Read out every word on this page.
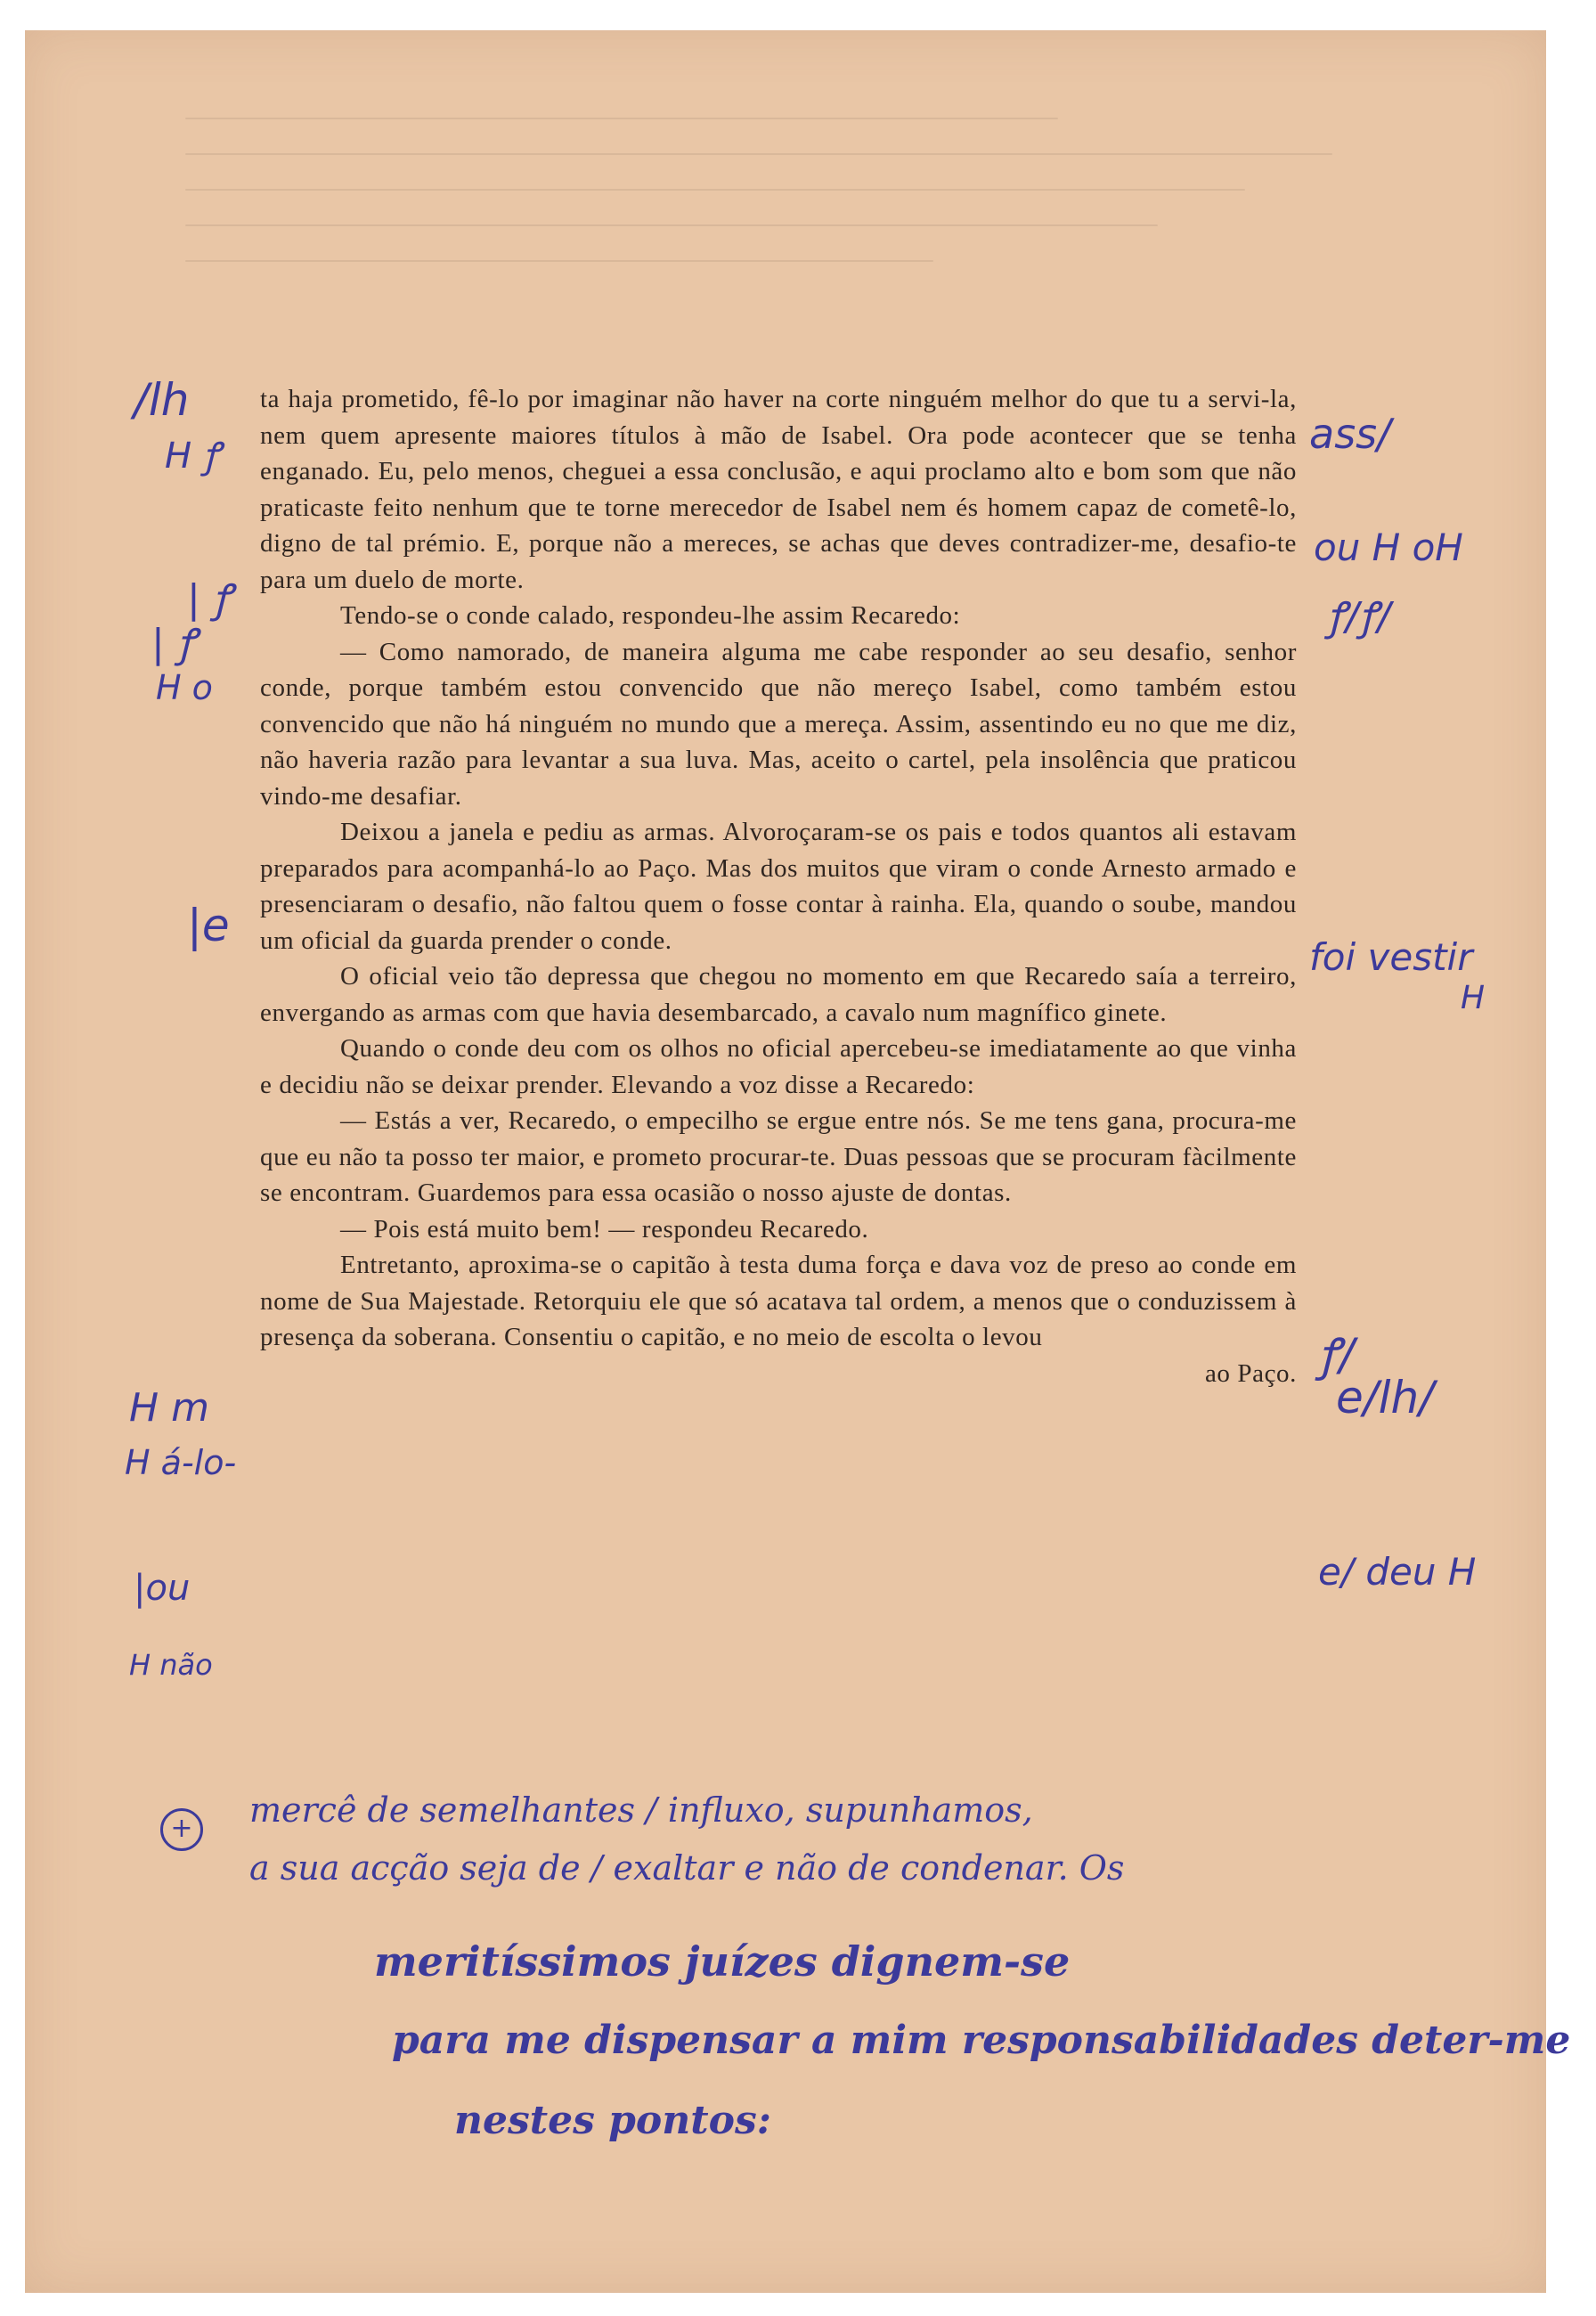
ta haja prometido, fê-lo por imaginar não haver na corte ninguém melhor do que tu a servi-la, nem quem apresente maiores títulos à mão de Isabel. Ora pode acontecer que se tenha enganado. Eu, pelo menos, cheguei a essa conclusão, e aqui proclamo alto e bom som que não praticaste feito nenhum que te torne merecedor de Isabel nem és homem capaz de cometê-lo, digno de tal prémio. E, porque não a mereces, se achas que deves contradizer-me, desafio-te para um duelo de morte.

Tendo-se o conde calado, respondeu-lhe assim Recaredo:

— Como namorado, de maneira alguma me cabe responder ao seu desafio, senhor conde, porque também estou convencido que não mereço Isabel, como também estou convencido que não há ninguém no mundo que a mereça. Assim, assentindo eu no que me diz, não haveria razão para levantar a sua luva. Mas, aceito o cartel, pela insolência que praticou vindo-me desafiar.

Deixou a janela e pediu as armas. Alvoroçaram-se os pais e todos quantos ali estavam preparados para acompanhá-lo ao Paço. Mas dos muitos que viram o conde Arnesto armado e presenciaram o desafio, não faltou quem o fosse contar à rainha. Ela, quando o soube, mandou um oficial da guarda prender o conde.

O oficial veio tão depressa que chegou no momento em que Recaredo saía a terreiro, envergando as armas com que havia desembarcado, a cavalo num magnífico ginete.

Quando o conde deu com os olhos no oficial apercebeu-se imediatamente ao que vinha e decidiu não se deixar prender. Elevando a voz disse a Recaredo:

— Estás a ver, Recaredo, o empecilho se ergue entre nós. Se me tens gana, procura-me que eu não ta posso ter maior, e prometo procurar-te. Duas pessoas que se procuram fàcilmente se encontram. Guardemos para essa ocasião o nosso ajuste de dontas.

— Pois está muito bem! — respondeu Recaredo.

Entretanto, aproxima-se o capitão à testa duma força e dava voz de preso ao conde em nome de Sua Majestade. Retorquiu ele que só acatava tal ordem, a menos que o conduzissem à presença da soberana. Consentiu o capitão, e no meio de escolta o levou

ao Paço.

/lh
H ꝭ
| ꝭ
| ꝭ
H o
|e
H m
H á-lo-
|ou
H não
ass/
ou H oH
ꝭ/ꝭ/
foi vestir
H
ꝭ/
e/lh/
e/ deu H
+	mercê de semelhantes / influxo, supunhamos,
a sua acção seja de / exaltar e não de condenar. Os
meritíssimos juízes dignem-se
para me dispensar a mim responsabilidades deter-me
nestes pontos:
